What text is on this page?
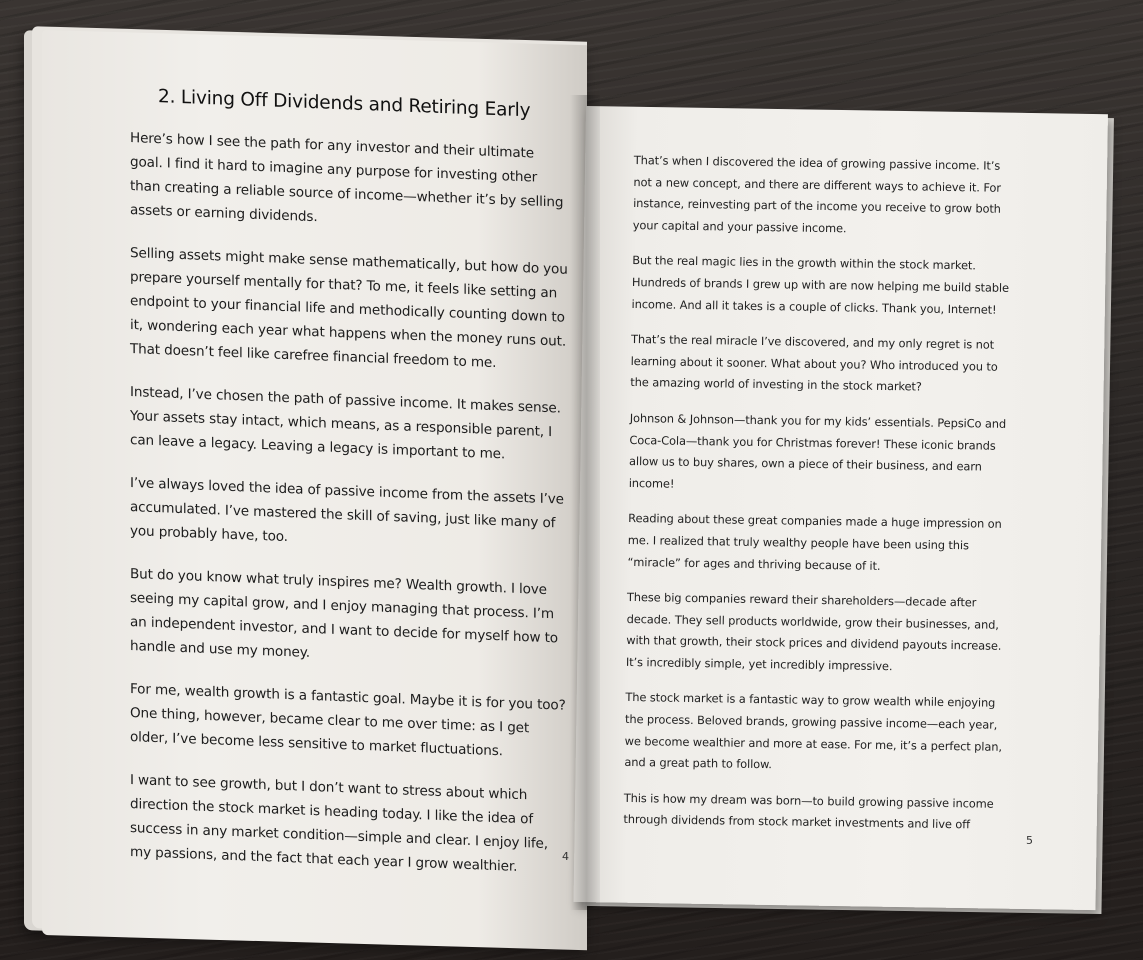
2. Living Off Dividends and Retiring Early

Here’s how I see the path for any investor and their ultimate goal. I find it hard to imagine any purpose for investing other than creating a reliable source of income—whether it’s by selling assets or earning dividends.

Selling assets might make sense mathematically, but how do you prepare yourself mentally for that? To me, it feels like setting an endpoint to your financial life and methodically counting down to it, wondering each year what happens when the money runs out. That doesn’t feel like carefree financial freedom to me.

Instead, I’ve chosen the path of passive income. It makes sense. Your assets stay intact, which means, as a responsible parent, I can leave a legacy. Leaving a legacy is important to me.

I’ve always loved the idea of passive income from the assets I’ve accumulated. I’ve mastered the skill of saving, just like many of you probably have, too.

But do you know what truly inspires me? Wealth growth. I love seeing my capital grow, and I enjoy managing that process. I’m an independent investor, and I want to decide for myself how to handle and use my money.

For me, wealth growth is a fantastic goal. Maybe it is for you too? One thing, however, became clear to me over time: as I get older, I’ve become less sensitive to market fluctuations.

I want to see growth, but I don’t want to stress about which direction the stock market is heading today. I like the idea of success in any market condition—simple and clear. I enjoy life, my passions, and the fact that each year I grow wealthier.	4

That’s when I discovered the idea of growing passive income. It’s not a new concept, and there are different ways to achieve it. For instance, reinvesting part of the income you receive to grow both your capital and your passive income.

But the real magic lies in the growth within the stock market. Hundreds of brands I grew up with are now helping me build stable income. And all it takes is a couple of clicks. Thank you, Internet!

That’s the real miracle I’ve discovered, and my only regret is not learning about it sooner. What about you? Who introduced you to the amazing world of investing in the stock market?

Johnson & Johnson—thank you for my kids’ essentials. PepsiCo and Coca-Cola—thank you for Christmas forever! These iconic brands allow us to buy shares, own a piece of their business, and earn income!

Reading about these great companies made a huge impression on me. I realized that truly wealthy people have been using this “miracle” for ages and thriving because of it.

These big companies reward their shareholders—decade after decade. They sell products worldwide, grow their businesses, and, with that growth, their stock prices and dividend payouts increase. It’s incredibly simple, yet incredibly impressive.

The stock market is a fantastic way to grow wealth while enjoying the process. Beloved brands, growing passive income—each year, we become wealthier and more at ease. For me, it’s a perfect plan, and a great path to follow.

This is how my dream was born—to build growing passive income through dividends from stock market investments and live off

5
